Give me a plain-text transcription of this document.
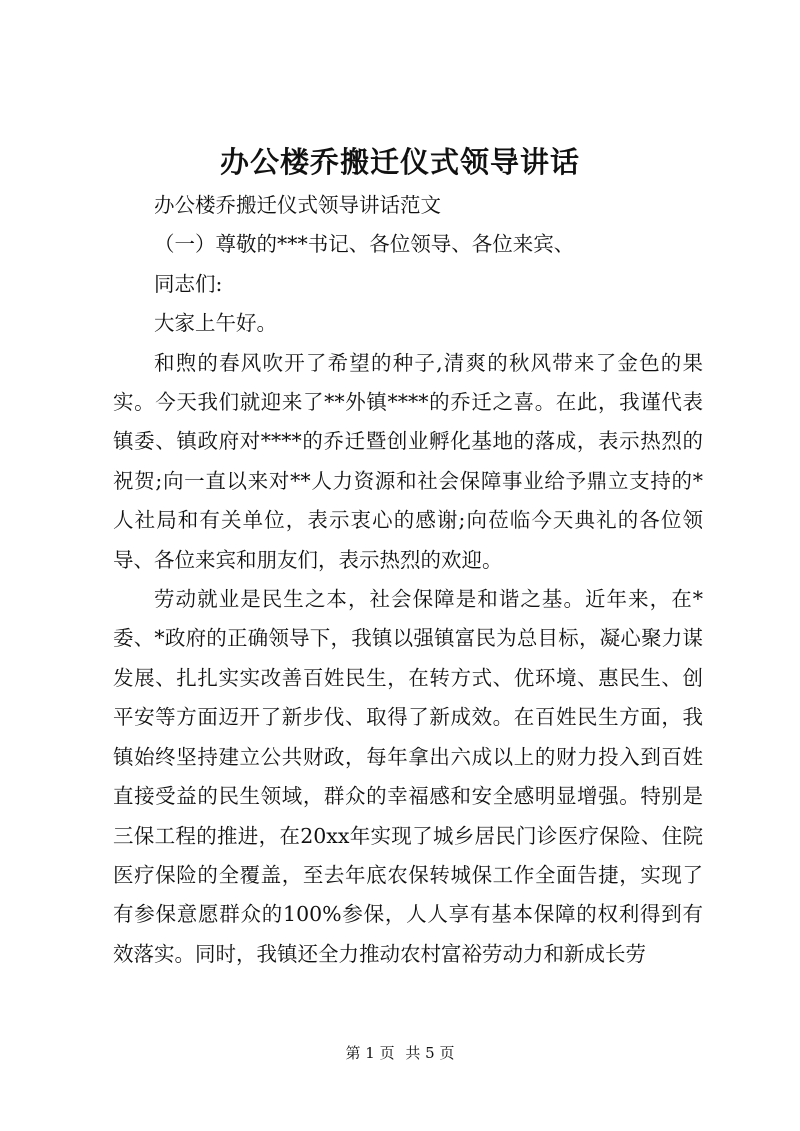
办公楼乔搬迁仪式领导讲话

办公楼乔搬迁仪式领导讲话范文

（一）尊敬的***书记、各位领导、各位来宾、

同志们:

大家上午好。

和煦的春风吹开了希望的种子,清爽的秋风带来了金色的果实。今天我们就迎来了**外镇****的乔迁之喜。在此，我谨代表镇委、镇政府对****的乔迁暨创业孵化基地的落成，表示热烈的祝贺;向一直以来对**人力资源和社会保障事业给予鼎立支持的*人社局和有关单位，表示衷心的感谢;向莅临今天典礼的各位领导、各位来宾和朋友们，表示热烈的欢迎。

劳动就业是民生之本，社会保障是和谐之基。近年来，在*委、*政府的正确领导下，我镇以强镇富民为总目标，凝心聚力谋发展、扎扎实实改善百姓民生，在转方式、优环境、惠民生、创平安等方面迈开了新步伐、取得了新成效。在百姓民生方面，我镇始终坚持建立公共财政，每年拿出六成以上的财力投入到百姓直接受益的民生领域，群众的幸福感和安全感明显增强。特别是三保工程的推进，在20xx年实现了城乡居民门诊医疗保险、住院医疗保险的全覆盖，至去年底农保转城保工作全面告捷，实现了有参保意愿群众的100%参保，人人享有基本保障的权利得到有效落实。同时，我镇还全力推动农村富裕劳动力和新成长劳

第 1 页 共 5 页
